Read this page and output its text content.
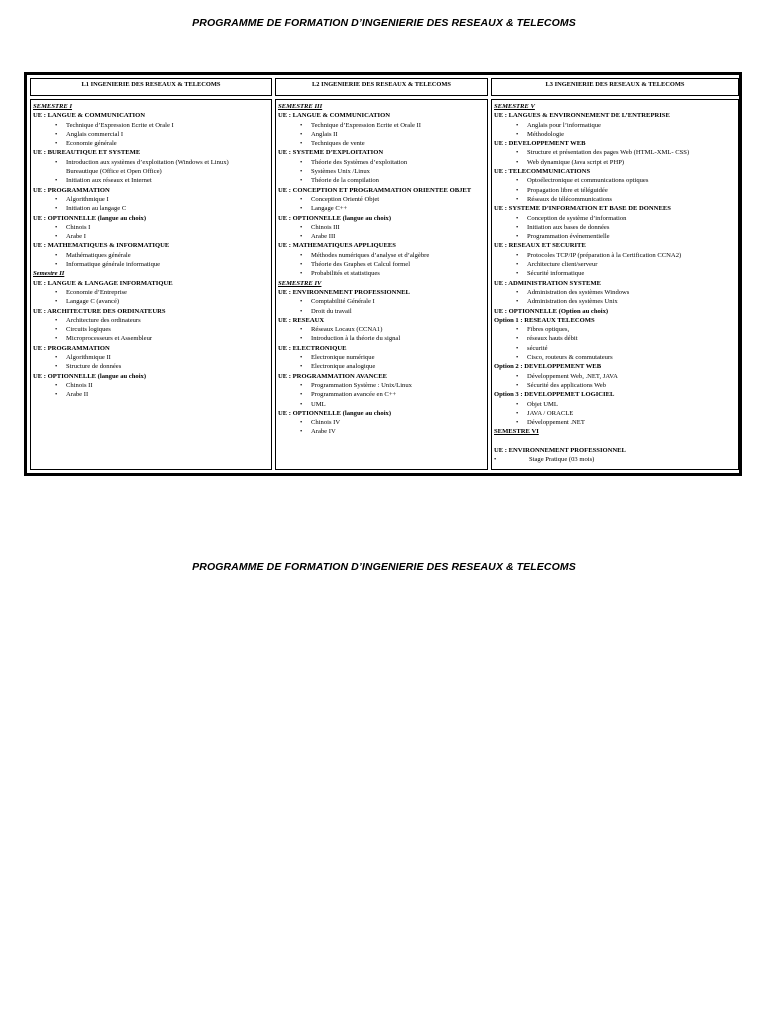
PROGRAMME DE FORMATION D’INGENIERIE DES RESEAUX & TELECOMS
L1 INGENIERIE DES RESEAUX & TELECOMS	L2 INGENIERIE DES RESEAUX & TELECOMS	L3 INGENIERIE DES RESEAUX & TELECOMS
SEMESTRE I
UE : LANGUE & COMMUNICATION
• Technique d’Expression Ecrite et Orale I
• Anglais commercial I
• Economie générale
UE : BUREAUTIQUE ET SYSTEME
• Introduction aux systèmes d’exploitation (Windows et Linux)
Bureautique (Office et Open Office)
• Initiation aux réseaux et Internet
UE : PROGRAMMATION
• Algorithmique I
• Initiation au langage C
UE : OPTIONNELLE (langue au choix)
• Chinois I
• Arabe I
UE : MATHEMATIQUES & INFORMATIQUE
• Mathématiques générale
• Informatique générale informatique
Semestre II
UE : LANGUE & LANGAGE INFORMATIQUE
• Economie d’Entreprise
• Langage C (avancé)
UE : ARCHITECTURE DES ORDINATEURS
• Architecture des ordinateurs
• Circuits logiques
• Microprocesseurs et Assembleur
UE : PROGRAMMATION
• Algorithmique II
• Structure de données
UE : OPTIONNELLE (langue au choix)
• Chinois II
• Arabe II
SEMESTRE III
UE : LANGUE & COMMUNICATION
• Technique d’Expression Ecrite et Orale II
• Anglais II
• Techniques de vente
UE : SYSTEME D’EXPLOITATION
• Théorie des Systèmes d’exploitation
• Systèmes Unix /Linux
• Théorie de la compilation
UE : CONCEPTION ET PROGRAMMATION ORIENTEE OBJET
• Conception Orienté Objet
• Langage C++
UE : OPTIONNELLE (langue au choix)
• Chinois III
• Arabe III
UE : MATHEMATIQUES APPLIQUEES
• Méthodes numériques d’analyse et d’algèbre
• Théorie des Graphes et Calcul formel
• Probabilités et statistiques
SEMESTRE IV
UE : ENVIRONNEMENT PROFESSIONNEL
• Comptabilité Générale I
• Droit du travail
UE : RESEAUX
• Réseaux Locaux (CCNA1)
• Introduction à la théorie du signal
UE : ELECTRONIQUE
• Electronique numérique
• Electronique analogique
UE : PROGRAMMATION AVANCEE
• Programmation Système : Unix/Linux
• Programmation avancée en C++
• UML
UE : OPTIONNELLE (langue au choix)
• Chinois IV
• Arabe IV
SEMESTRE V
UE : LANGUES & ENVIRONNEMENT DE L’ENTREPRISE
• Anglais pour l’informatique
• Méthodologie
UE : DEVELOPPEMENT WEB
• Structure et présentation des pages Web (HTML-XML- CSS)
• Web dynamique (Java script et PHP)
UE : TELECOMMUNICATIONS
• Optoélectronique et communications optiques
• Propagation libre et téléguidée
• Réseaux de télécommunications
UE : SYSTEME D’INFORMATION ET BASE DE DONNEES
• Conception de système d’information
• Initiation aux bases de données
• Programmation événementielle
UE : RESEAUX ET SECURITE
• Protocoles TCP/IP (préparation à la Certification CCNA2)
• Architecture client/serveur
• Sécurité informatique
UE : ADMINISTRATION SYSTEME
• Administration des systèmes Windows
• Administration des systèmes Unix
UE : OPTIONNELLE (Option au choix)
Option 1 : RESEAUX TELECOMS
• Fibres optiques,
• réseaux hauts débit
• sécurité
• Cisco, routeurs & commutateurs
Option 2 : DEVELOPPEMENT WEB
• Développement Web, .NET, JAVA
• Sécurité des applications Web
Option 3 : DEVELOPPEMET LOGICIEL
• Objet UML
• JAVA / ORACLE
• Développement .NET
SEMESTRE VI
UE : ENVIRONNEMENT PROFESSIONNEL
• Stage Pratique (03 mois)
PROGRAMME DE FORMATION D’INGENIERIE DES RESEAUX & TELECOMS
